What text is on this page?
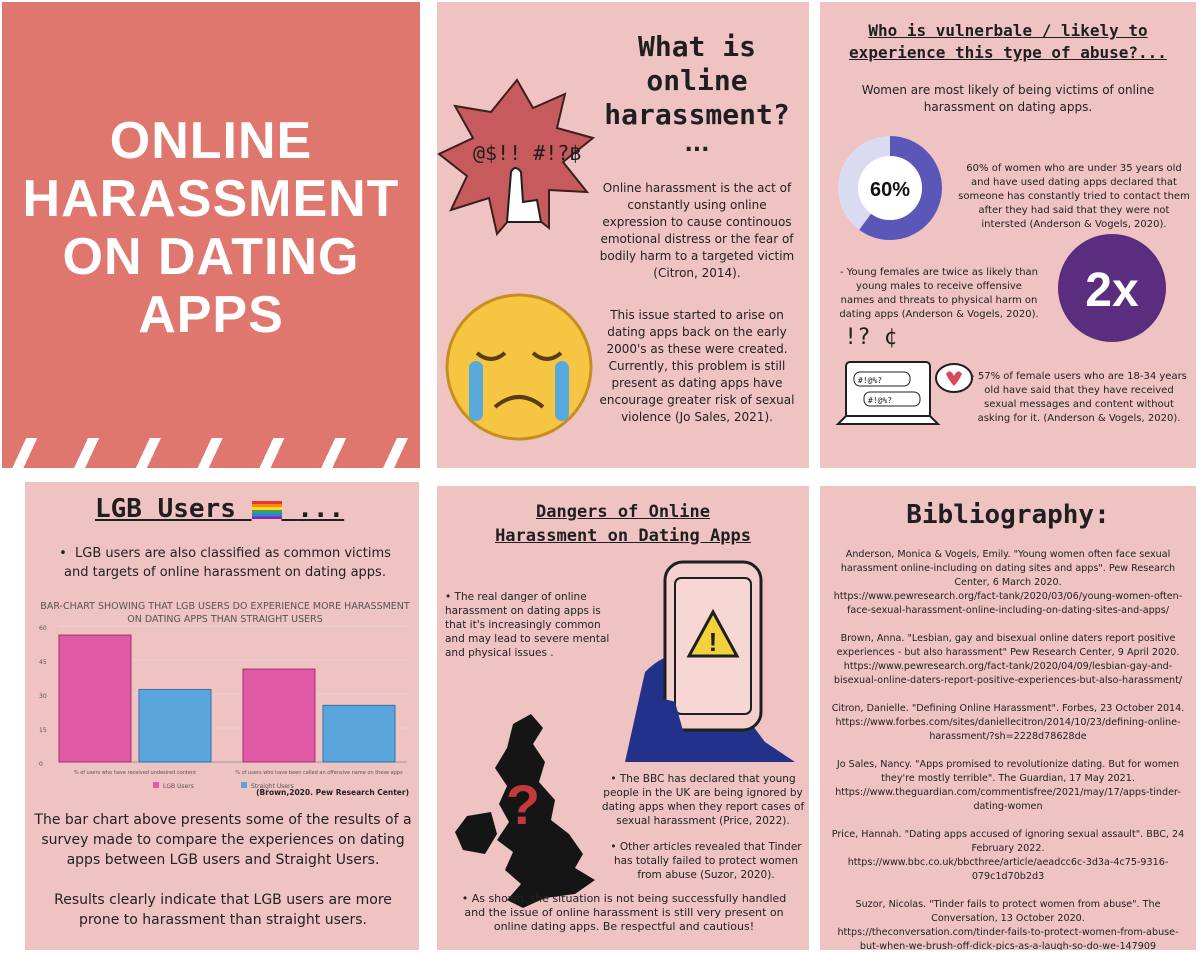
ONLINE
HARASSMENT
ON DATING
APPS
@$!! #!?฿
What is
online
harassment?
...
Online harassment is the act of constantly using online expression to cause continouos emotional distress or the fear of bodily harm to a targeted victim (Citron, 2014).
This issue started to arise on dating apps back on the early 2000's as these were created. Currently, this problem is still present as dating apps have encourage greater risk of sexual violence (Jo Sales, 2021).
Who is vulnerbale / likely to
experience this type of abuse?...
Women are most likely of being victims of online harassment on dating apps.
60%
60% of women who are under 35 years old and have used dating apps declared that someone has constantly tried to contact them after they had said that they were not intersted (Anderson & Vogels, 2020).
- Young females are twice as likely than young males to receive offensive names and threats to physical harm on dating apps (Anderson & Vogels, 2020). 2x
!? ¢
#!@%?
#!@%?
- 57% of female users who are 18-34 years old have said that they have received sexual messages and content without asking for it. (Anderson & Vogels, 2020).
LGB Users ...
•  LGB users are also classified as common victims and targets of online harassment on dating apps.
BAR-CHART SHOWING THAT LGB USERS DO EXPERIENCE MORE HARASSMENT ON DATING APPS THAN STRAIGHT USERS
60
45
30
15
0
% of users who have received undesired content	% of users who have been called an offensive name on these apps
LGB Users	Straight Users
(Brown,2020. Pew Research Center)
The bar chart above presents some of the results of a survey made to compare the experiences on dating apps between LGB users and Straight Users.
Results clearly indicate that LGB users are more prone to harassment than straight users.
Dangers of Online
Harassment on Dating Apps
!
?
• The real danger of online harassment on dating apps is that it's increasingly common and may lead to severe mental and physical issues .
• The BBC has declared that young people in the UK are being ignored by dating apps when they report cases of sexual harassment (Price, 2022).
• Other articles revealed that Tinder has totally failed to protect women from abuse (Suzor, 2020).
• As shown, the situation is not being successfully handled and the issue of online harassment is still very present on online dating apps. Be respectful and cautious!
Bibliography:
Anderson, Monica & Vogels, Emily. "Young women often face sexual harassment online-including on dating sites and apps". Pew Research Center, 6 March 2020.
https://www.pewresearch.org/fact-tank/2020/03/06/young-women-often-face-sexual-harassment-online-including-on-dating-sites-and-apps/
Brown, Anna. "Lesbian, gay and bisexual online daters report positive experiences - but also harassment" Pew Research Center, 9 April 2020.
https://www.pewresearch.org/fact-tank/2020/04/09/lesbian-gay-and-bisexual-online-daters-report-positive-experiences-but-also-harassment/
Citron, Danielle. "Defining Online Harassment". Forbes, 23 October 2014.
https://www.forbes.com/sites/daniellecitron/2014/10/23/defining-online-harassment/?sh=2228d78628de
Jo Sales, Nancy. "Apps promised to revolutionize dating. But for women they're mostly terrible". The Guardian, 17 May 2021.
https://www.theguardian.com/commentisfree/2021/may/17/apps-tinder-dating-women
Price, Hannah. "Dating apps accused of ignoring sexual assault". BBC, 24 February 2022.
https://www.bbc.co.uk/bbcthree/article/aeadcc6c-3d3a-4c75-9316-079c1d70b2d3
Suzor, Nicolas. "Tinder fails to protect women from abuse". The Conversation, 13 October 2020.
https://theconversation.com/tinder-fails-to-protect-women-from-abuse-but-when-we-brush-off-dick-pics-as-a-laugh-so-do-we-147909
